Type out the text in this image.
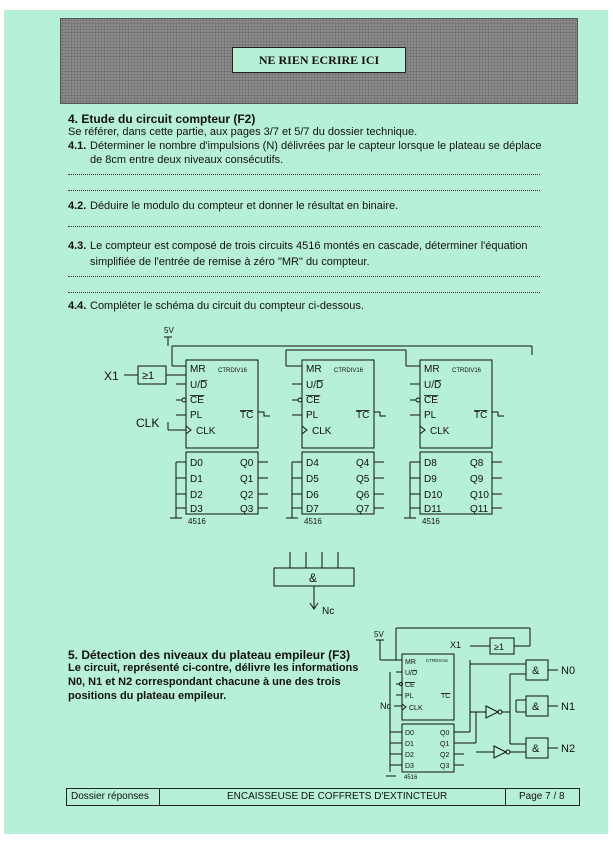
NE RIEN ECRIRE ICI
4. Etude du circuit compteur (F2)
Se référer, dans cette partie, aux pages 3/7 et 5/7 du dossier technique.
4.1. Déterminer le nombre d'impulsions (N) délivrées par le capteur lorsque le plateau se déplace
de 8cm entre deux niveaux consécutifs.
4.2. Déduire le modulo du compteur et donner le résultat en binaire.
4.3. Le compteur est composé de trois circuits 4516 montés en cascade, déterminer l'équation
simplifiée de l'entrée de remise à zéro "MR" du compteur.
4.4. Compléter le schéma du circuit du compteur ci-dessous.
5V
X1 ≥1
CLK
MR CTRDIV16
U/D
CE
PL	TC
CLK
D0
D1
D2
D3
Q0
Q1
Q2
Q3
4516
MR CTRDIV16
U/D
CE
PL	TC
CLK
D4
D5
D6
D7
Q4
Q5
Q6
Q7
4516
MR CTRDIV16
U/D
CE
PL	TC
CLK
D8
D9
D10
D11
Q8
Q9
Q10
Q11
4516
&
Nc
5V
X1	≥1
Nc
MR CTRDIV16
U/D
CE
PL	TC
CLK
D0
D1
D2
D3
Q0
Q1
Q2
Q3
4516
&
&
&
N0
N1
N2
5. Détection des niveaux du plateau empileur (F3)
Le circuit, représenté ci-contre, délivre les informations
N0, N1 et N2 correspondant chacune à une des trois
positions du plateau empileur.
Dossier réponses	ENCAISSEUSE DE COFFRETS D'EXTINCTEUR	Page 7 / 8
